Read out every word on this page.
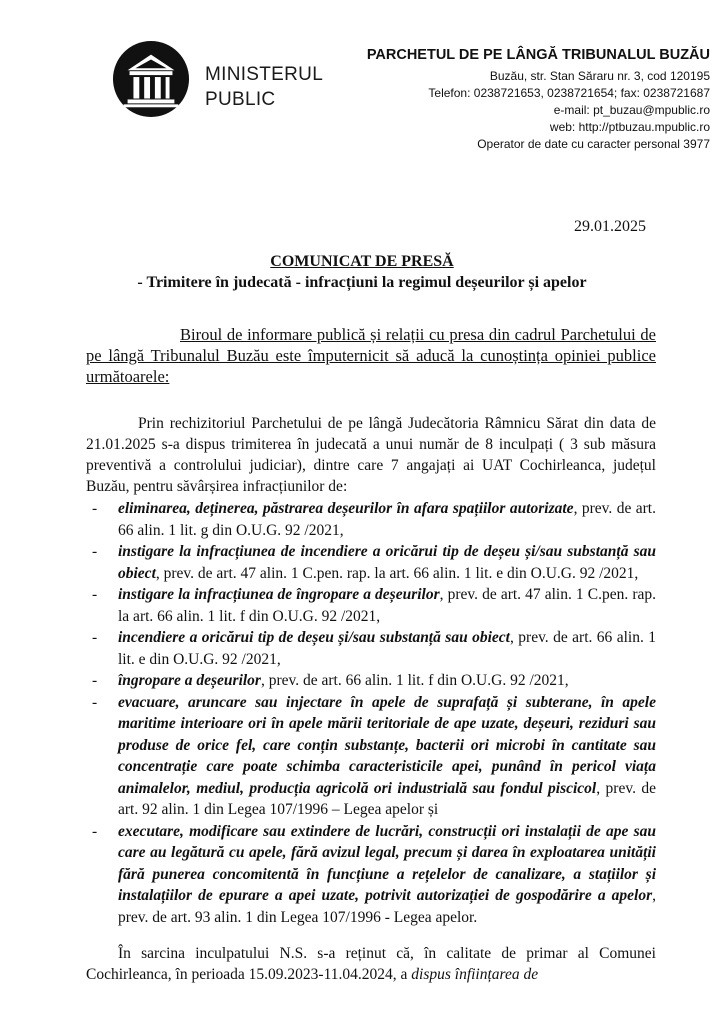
MINISTERUL
PUBLIC
PARCHETUL DE PE LÂNGĂ TRIBUNALUL BUZĂU
Buzău, str. Stan Săraru nr. 3, cod 120195
Telefon: 0238721653, 0238721654; fax: 0238721687
e-mail: pt_buzau@mpublic.ro
web: http://ptbuzau.mpublic.ro
Operator de date cu caracter personal 3977
29.01.2025
COMUNICAT DE PRESĂ
- Trimitere în judecată - infracțiuni la regimul deșeurilor și apelor
Biroul de informare publică și relații cu presa din cadrul Parchetului de pe lângă Tribunalul Buzău este împuternicit să aducă la cunoștința opiniei publice următoarele:
Prin rechizitoriul Parchetului de pe lângă Judecătoria Râmnicu Sărat din data de 21.01.2025 s-a dispus trimiterea în judecată a unui număr de 8 inculpați ( 3 sub măsura preventivă a controlului judiciar), dintre care 7 angajați ai UAT Cochirleanca, județul Buzău, pentru săvârșirea infracțiunilor de:
- eliminarea, deținerea, păstrarea deșeurilor în afara spațiilor autorizate, prev. de art. 66 alin. 1 lit. g din O.U.G. 92 /2021,
- instigare la infracțiunea de incendiere a oricărui tip de deșeu și/sau substanță sau obiect, prev. de art. 47 alin. 1 C.pen. rap. la art. 66 alin. 1 lit. e din O.U.G. 92 /2021,
- instigare la infracțiunea de îngropare a deșeurilor, prev. de art. 47 alin. 1 C.pen. rap. la art. 66 alin. 1 lit. f din O.U.G. 92 /2021,
- incendiere a oricărui tip de deșeu și/sau substanță sau obiect, prev. de art. 66 alin. 1 lit. e din O.U.G. 92 /2021,
- îngropare a deșeurilor, prev. de art. 66 alin. 1 lit. f din O.U.G. 92 /2021,
- evacuare, aruncare sau injectare în apele de suprafață și subterane, în apele maritime interioare ori în apele mării teritoriale de ape uzate, deșeuri, reziduri sau produse de orice fel, care conțin substanțe, bacterii ori microbi în cantitate sau concentrație care poate schimba caracteristicile apei, punând în pericol viața animalelor, mediul, producția agricolă ori industrială sau fondul piscicol, prev. de art. 92 alin. 1 din Legea 107/1996 – Legea apelor și
- executare, modificare sau extindere de lucrări, construcții ori instalații de ape sau care au legătură cu apele, fără avizul legal, precum și darea în exploatarea unității fără punerea concomitentă în funcțiune a rețelelor de canalizare, a stațiilor și instalațiilor de epurare a apei uzate, potrivit autorizației de gospodărire a apelor, prev. de art. 93 alin. 1 din Legea 107/1996 - Legea apelor.
În sarcina inculpatului N.S. s-a reținut că, în calitate de primar al Comunei Cochirleanca, în perioada 15.09.2023-11.04.2024, a dispus înființarea de
